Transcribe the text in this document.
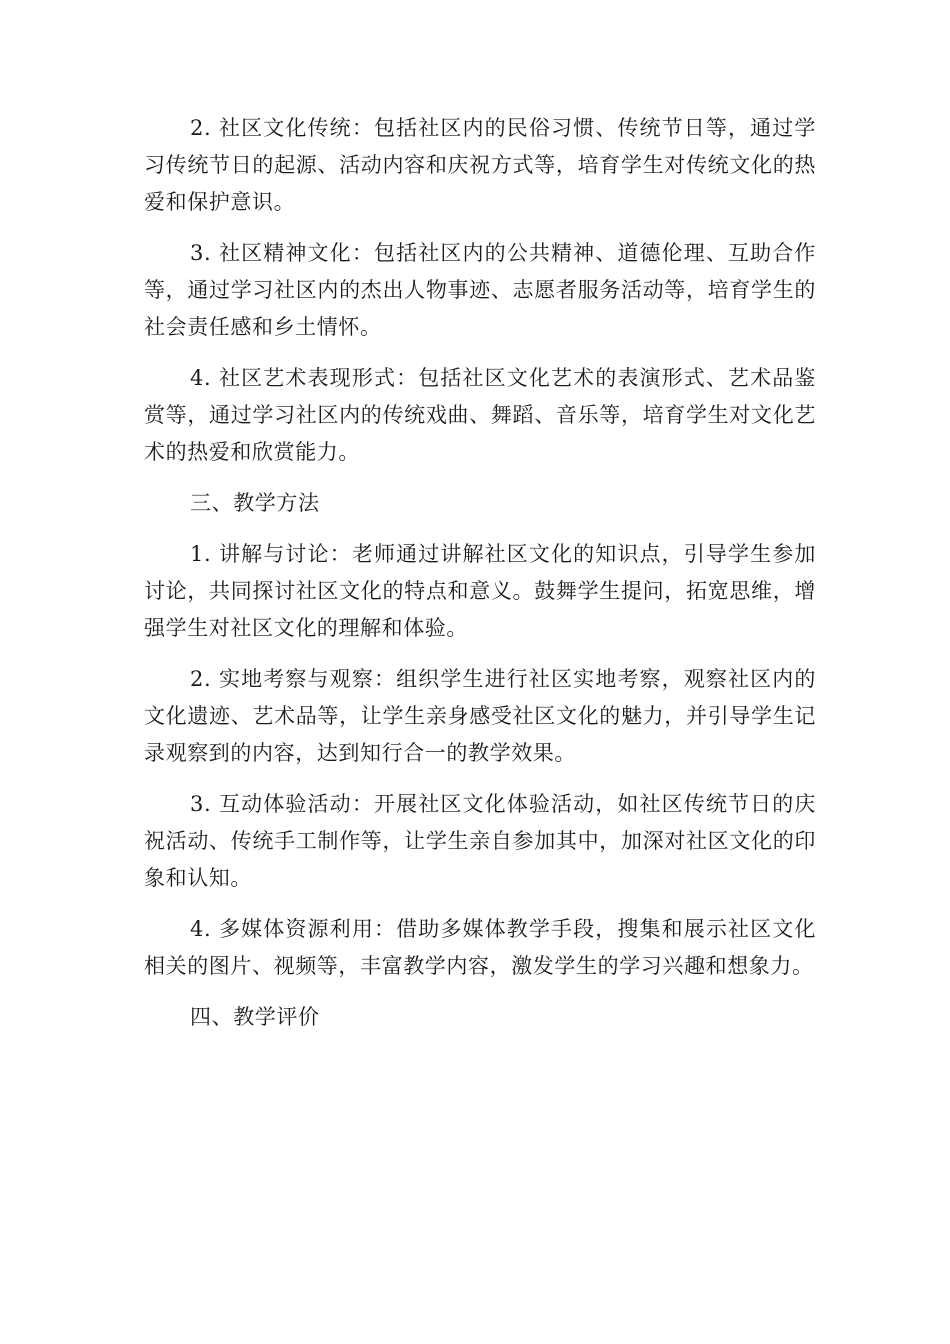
2. 社区文化传统：包括社区内的民俗习惯、传统节日等，通过学习传统节日的起源、活动内容和庆祝方式等，培育学生对传统文化的热爱和保护意识。

3. 社区精神文化：包括社区内的公共精神、道德伦理、互助合作等，通过学习社区内的杰出人物事迹、志愿者服务活动等，培育学生的社会责任感和乡土情怀。

4. 社区艺术表现形式：包括社区文化艺术的表演形式、艺术品鉴赏等，通过学习社区内的传统戏曲、舞蹈、音乐等，培育学生对文化艺术的热爱和欣赏能力。

三、教学方法

1. 讲解与讨论：老师通过讲解社区文化的知识点，引导学生参加讨论，共同探讨社区文化的特点和意义。鼓舞学生提问，拓宽思维，增强学生对社区文化的理解和体验。

2. 实地考察与观察：组织学生进行社区实地考察，观察社区内的文化遗迹、艺术品等，让学生亲身感受社区文化的魅力，并引导学生记录观察到的内容，达到知行合一的教学效果。

3. 互动体验活动：开展社区文化体验活动，如社区传统节日的庆祝活动、传统手工制作等，让学生亲自参加其中，加深对社区文化的印象和认知。

4. 多媒体资源利用：借助多媒体教学手段，搜集和展示社区文化相关的图片、视频等，丰富教学内容，激发学生的学习兴趣和想象力。

四、教学评价
